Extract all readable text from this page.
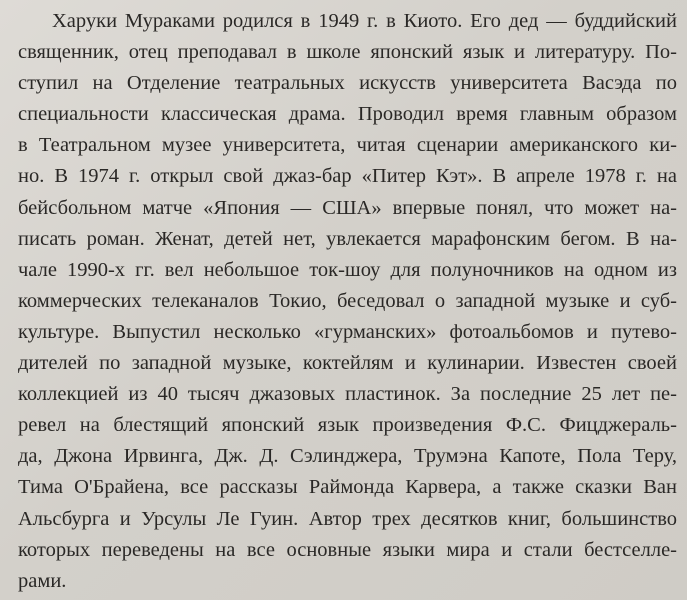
Харуки Мураками родился в 1949 г. в Киото. Его дед — буддийский
священник, отец преподавал в школе японский язык и литературу. По-
ступил на Отделение театральных искусств университета Васэда по
специальности классическая драма. Проводил время главным образом
в Театральном музее университета, читая сценарии американского ки-
но. В 1974 г. открыл свой джаз-бар «Питер Кэт». В апреле 1978 г. на
бейсбольном матче «Япония — США» впервые понял, что может на-
писать роман. Женат, детей нет, увлекается марафонским бегом. В на-
чале 1990-х гг. вел небольшое ток-шоу для полуночников на одном из
коммерческих телеканалов Токио, беседовал о западной музыке и суб-
культуре. Выпустил несколько «гурманских» фотоальбомов и путево-
дителей по западной музыке, коктейлям и кулинарии. Известен своей
коллекцией из 40 тысяч джазовых пластинок. За последние 25 лет пе-
ревел на блестящий японский язык произведения Ф.С. Фицджераль-
да, Джона Ирвинга, Дж. Д. Сэлинджера, Трумэна Капоте, Пола Теру,
Тима О'Брайена, все рассказы Раймонда Карвера, а также сказки Ван
Альсбурга и Урсулы Ле Гуин. Автор трех десятков книг, большинство
которых переведены на все основные языки мира и стали бестселле-
рами.
